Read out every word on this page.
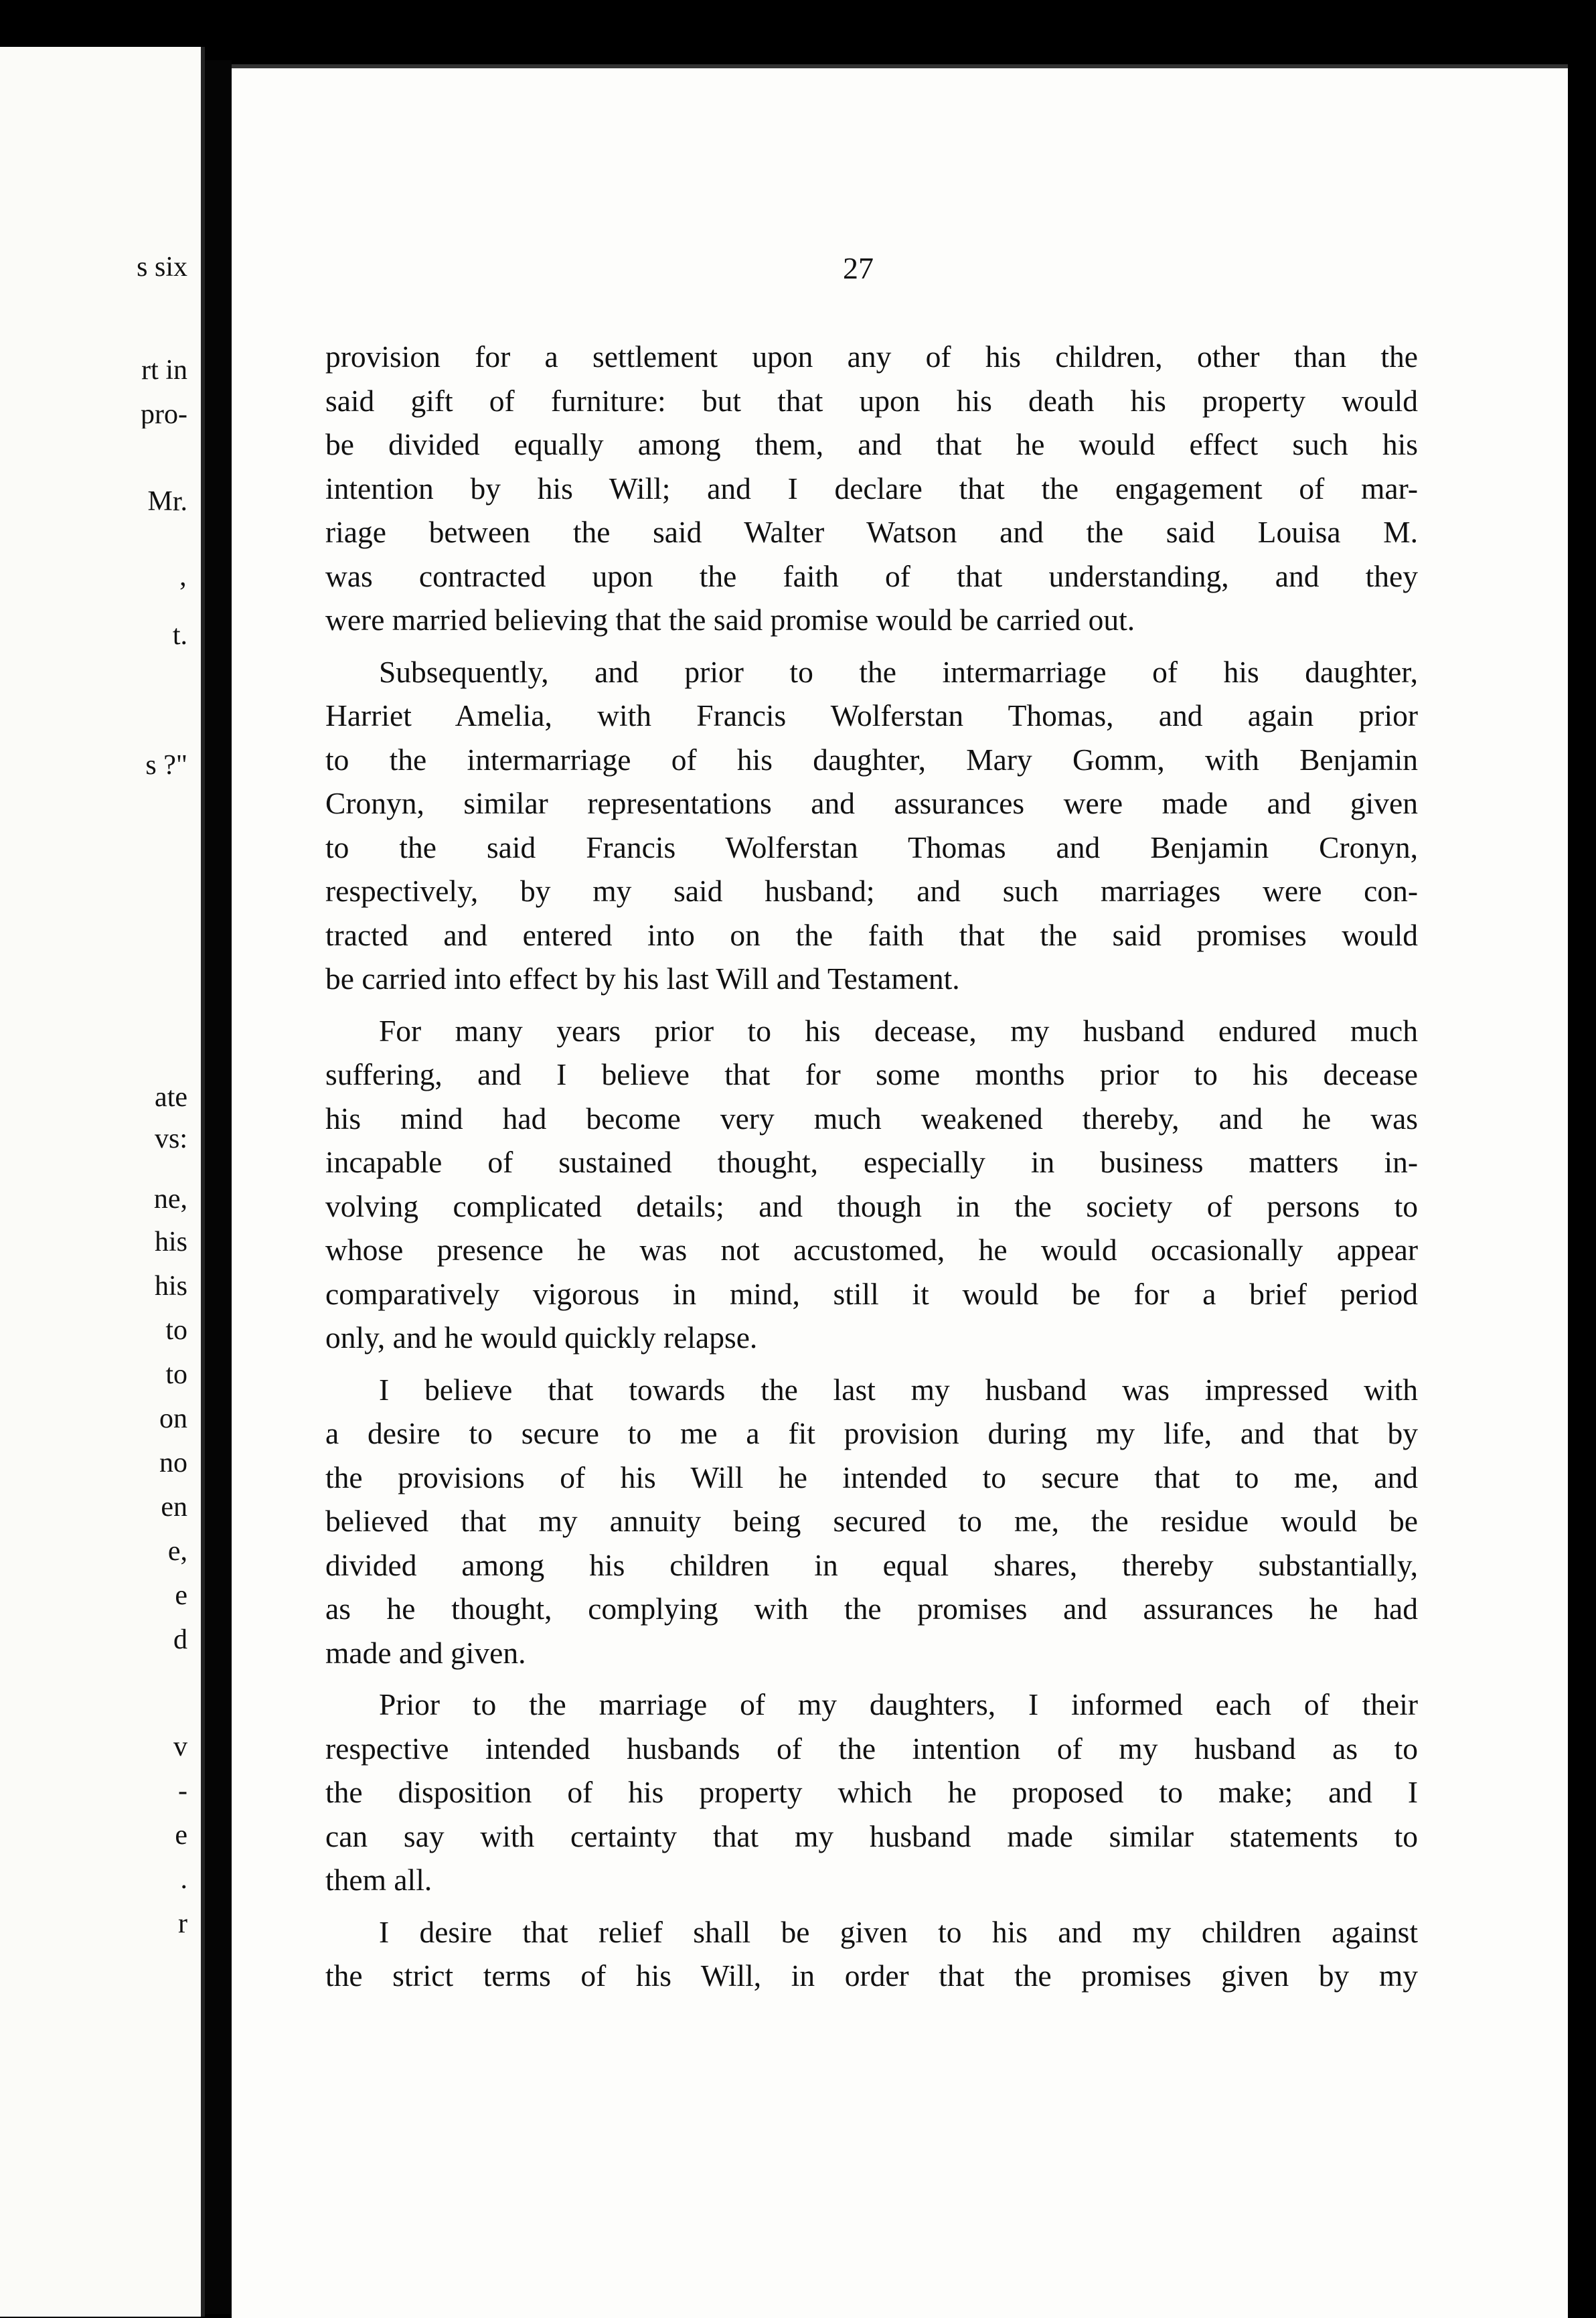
s six
rt in
pro-
Mr.
’
t.
s ?"
ate
vs:
ne,
his
his
to
to
on
no
en
e,
e
d
v
-
e
.
r
27

provision for a settlement upon any of his children, other than the
said gift of furniture: but that upon his death his property would
be divided equally among them, and that he would effect such his
intention by his Will; and I declare that the engagement of mar-
riage between the said Walter Watson and the said Louisa M.
was contracted upon the faith of that understanding, and they
were married believing that the said promise would be carried out.

Subsequently, and prior to the intermarriage of his daughter,
Harriet Amelia, with Francis Wolferstan Thomas, and again prior
to the intermarriage of his daughter, Mary Gomm, with Benjamin
Cronyn, similar representations and assurances were made and given
to the said Francis Wolferstan Thomas and Benjamin Cronyn,
respectively, by my said husband; and such marriages were con-
tracted and entered into on the faith that the said promises would
be carried into effect by his last Will and Testament.

For many years prior to his decease, my husband endured much
suffering, and I believe that for some months prior to his decease
his mind had become very much weakened thereby, and he was
incapable of sustained thought, especially in business matters in-
volving complicated details; and though in the society of persons to
whose presence he was not accustomed, he would occasionally appear
comparatively vigorous in mind, still it would be for a brief period
only, and he would quickly relapse.

I believe that towards the last my husband was impressed with
a desire to secure to me a fit provision during my life, and that by
the provisions of his Will he intended to secure that to me, and
believed that my annuity being secured to me, the residue would be
divided among his children in equal shares, thereby substantially,
as he thought, complying with the promises and assurances he had
made and given.

Prior to the marriage of my daughters, I informed each of their
respective intended husbands of the intention of my husband as to
the disposition of his property which he proposed to make; and I
can say with certainty that my husband made similar statements to
them all.

I desire that relief shall be given to his and my children against
the strict terms of his Will, in order that the promises given by my
